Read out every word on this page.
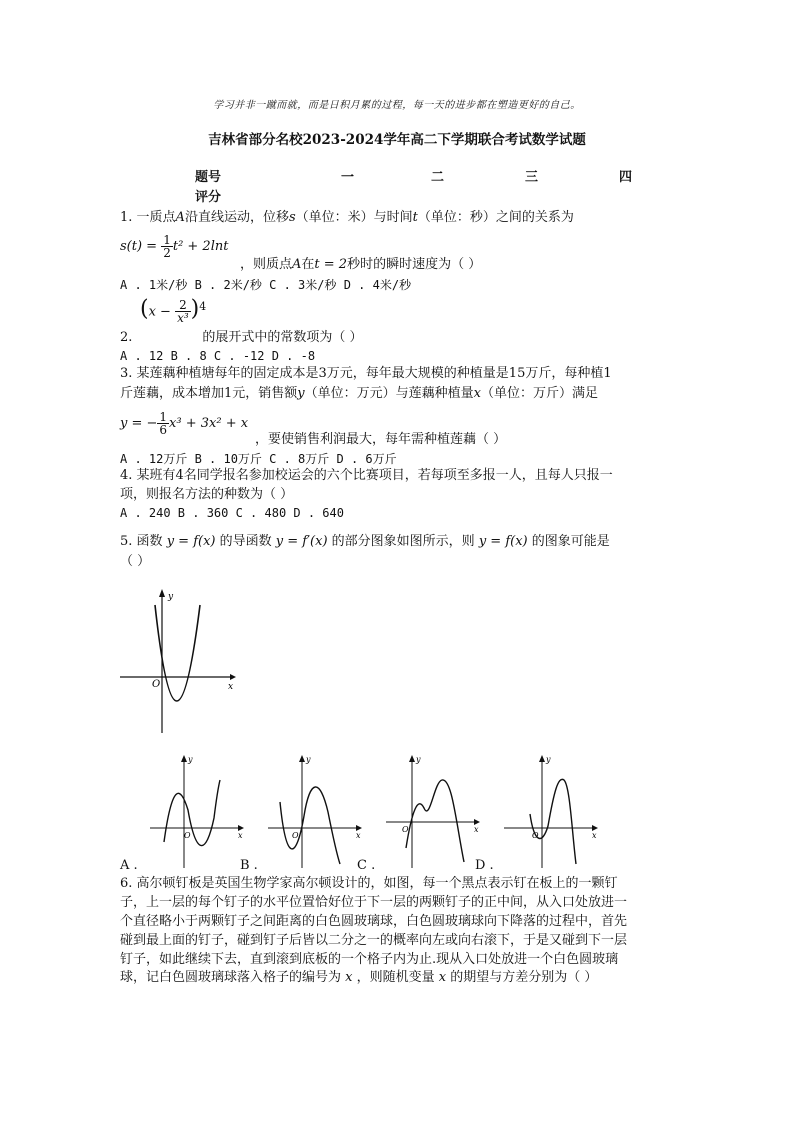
学习并非一蹴而就，而是日积月累的过程，每一天的进步都在塑造更好的自己。
吉林省部分名校2023-2024学年高二下学期联合考试数学试题
题号	一	二	三	四
评分
1. 一质点A沿直线运动，位移s（单位：米）与时间t（单位：秒）之间的关系为
$s(t) = \frac{1}{2} t^2 + 2\ln t$
，则质点A在t = 2秒时的瞬时速度为（ ）
A . 1米/秒 B . 2米/秒 C . 3米/秒 D . 4米/秒
$(x - \frac{2}{\text{x³}} )^4$
2.	的展开式中的常数项为（ ）
A . 12 B . 8 C . -12 D . -8
3. 某莲藕种植塘每年的固定成本是3万元，每年最大规模的种植量是15万斤，每种植1
斤莲藕，成本增加1元，销售额y（单位：万元）与莲藕种植量x（单位：万斤）满足
y = − $\frac{1}{6} x^3 + 3x^2 + x$
，要使销售利润最大，每年需种植莲藕（ ）
A . 12万斤 B . 10万斤 C . 8万斤 D . 6万斤
4. 某班有4名同学报名参加校运会的六个比赛项目，若每项至多报一人，且每人只报一
项，则报名方法的种数为（ ）
A . 240 B . 360 C . 480 D . 640
5. 函数 y = f(x) 的导函数 y = f′(x) 的部分图象如图所示，则 y = f(x) 的图象可能是
（ ）
y
x
O
y
x
O
y
x
O
y
x
O
y
x
O
A .	B .	C .	D .
6. 高尔顿钉板是英国生物学家高尔顿设计的，如图，每一个黑点表示钉在板上的一颗钉
子，上一层的每个钉子的水平位置恰好位于下一层的两颗钉子的正中间，从入口处放进一
个直径略小于两颗钉子之间距离的白色圆玻璃球，白色圆玻璃球向下降落的过程中，首先
碰到最上面的钉子，碰到钉子后皆以二分之一的概率向左或向右滚下，于是又碰到下一层
钉子，如此继续下去，直到滚到底板的一个格子内为止.现从入口处放进一个白色圆玻璃
球，记白色圆玻璃球落入格子的编号为 x ，则随机变量 x 的期望与方差分别为（ ）
